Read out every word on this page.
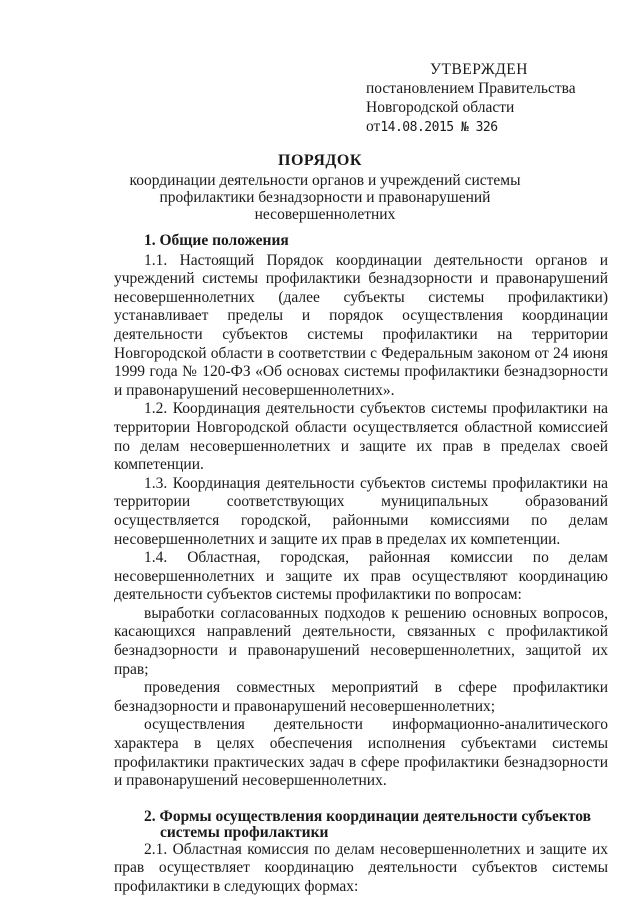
УТВЕРЖДЕН
постановлением Правительства
Новгородской области
от14.08.2015 № 326
ПОРЯДОК
координации деятельности органов и учреждений системы профилактики безнадзорности и правонарушений несовершеннолетних

1. Общие положения

1.1. Настоящий Порядок координации деятельности органов и учреждений системы профилактики безнадзорности и правонарушений несовершеннолетних (далее субъекты системы профилактики) устанавливает пределы и порядок осуществления координации деятельности субъектов системы профилактики на территории Новгородской области в соответствии с Федеральным законом от 24 июня 1999 года № 120-ФЗ «Об основах системы профилактики безнадзорности и правонарушений несовершеннолетних».

1.2. Координация деятельности субъектов системы профилактики на территории Новгородской области осуществляется областной комиссией по делам несовершеннолетних и защите их прав в пределах своей компетенции.

1.3. Координация деятельности субъектов системы профилактики на территории соответствующих муниципальных образований осуществляется городской, районными комиссиями по делам несовершеннолетних и защите их прав в пределах их компетенции.

1.4. Областная, городская, районная комиссии по делам несовершеннолетних и защите их прав осуществляют координацию деятельности субъектов системы профилактики по вопросам:

выработки согласованных подходов к решению основных вопросов, касающихся направлений деятельности, связанных с профилактикой безнадзорности и правонарушений несовершеннолетних, защитой их прав;

проведения совместных мероприятий в сфере профилактики безнадзорности и правонарушений несовершеннолетних;

осуществления деятельности информационно-аналитического характера в целях обеспечения исполнения субъектами системы профилактики практических задач в сфере профилактики безнадзорности и правонарушений несовершеннолетних.

2. Формы осуществления координации деятельности субъектов
системы профилактики

2.1. Областная комиссия по делам несовершеннолетних и защите их прав осуществляет координацию деятельности субъектов системы профилактики в следующих формах:
